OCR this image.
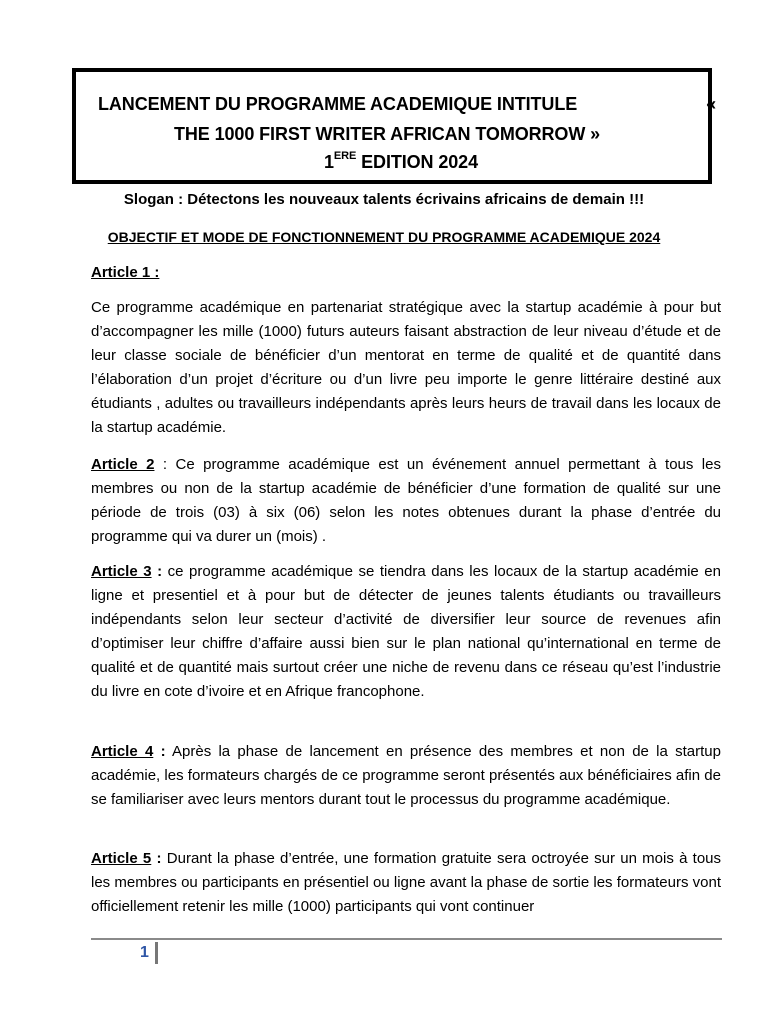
LANCEMENT DU PROGRAMME ACADEMIQUE INTITULE	«
THE 1000 FIRST WRITER AFRICAN TOMORROW »
1ERE EDITION 2024
Slogan : Détectons les nouveaux talents écrivains africains de demain !!!
OBJECTIF ET MODE DE FONCTIONNEMENT DU PROGRAMME ACADEMIQUE 2024
Article 1 :
Ce programme académique en partenariat stratégique avec la startup académie à pour but d’accompagner les mille (1000) futurs auteurs faisant abstraction de leur niveau d’étude et de leur classe sociale de bénéficier d’un mentorat en terme de qualité et de quantité dans l’élaboration d’un projet d’écriture ou d’un livre peu importe le genre littéraire destiné aux étudiants , adultes ou travailleurs indépendants après leurs heurs de travail dans les locaux de la startup académie.
Article 2 : Ce programme académique est un événement annuel permettant à tous les membres ou non de la startup académie de bénéficier d’une formation de qualité sur une période de trois (03) à six (06) selon les notes obtenues durant la phase d’entrée du programme qui va durer un (mois) .
Article 3 : ce programme académique se tiendra dans les locaux de la startup académie en ligne et presentiel et à pour but de détecter de jeunes talents étudiants ou travailleurs indépendants selon leur secteur d’activité de diversifier leur source de revenues afin d’optimiser leur chiffre d’affaire aussi bien sur le plan national qu’international en terme de qualité et de quantité mais surtout créer une niche de revenu dans ce réseau qu’est l’industrie du livre en cote d’ivoire et en Afrique francophone.
Article 4 : Après la phase de lancement en présence des membres et non de la startup académie, les formateurs chargés de ce programme seront présentés aux bénéficiaires afin de se familiariser avec leurs mentors durant tout le processus du programme académique.
Article 5 : Durant la phase d’entrée, une formation gratuite sera octroyée sur un mois à tous les membres ou participants en présentiel ou ligne avant la phase de sortie les formateurs vont officiellement retenir les mille (1000) participants qui vont continuer
1
